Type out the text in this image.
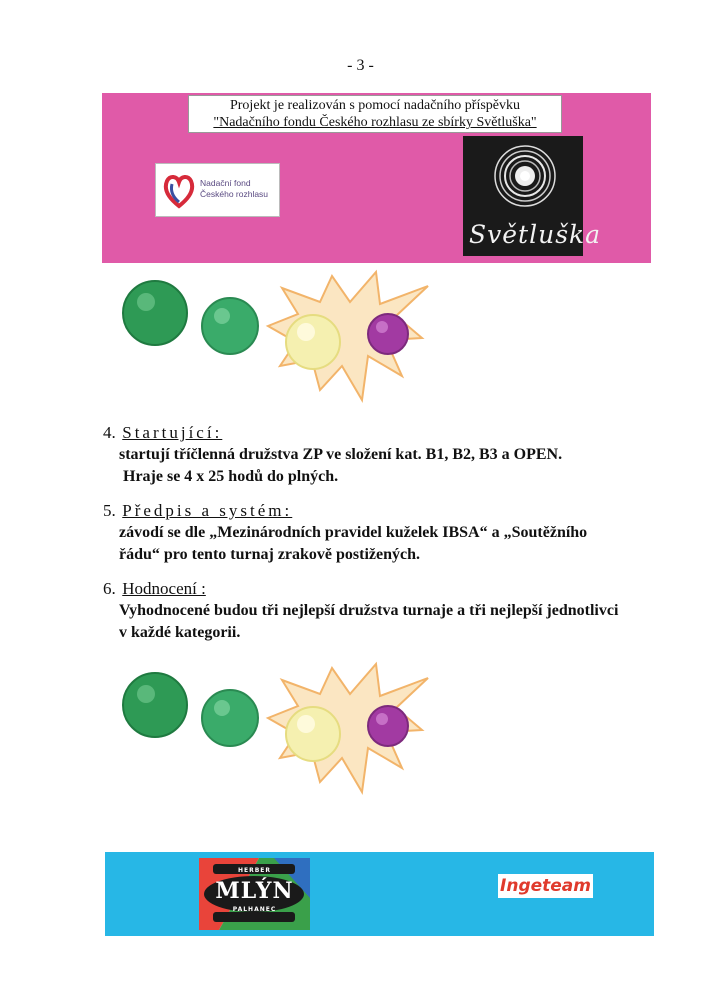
- 3 -
Projekt je realizován s pomocí nadačního příspěvku
"Nadačního fondu Českého rozhlasu ze sbírky Světluška"
Nadační fond
Českého rozhlasu
Světluška
4. Startující:
startují tříčlenná družstva ZP ve složení kat. B1, B2, B3 a OPEN.
Hraje se 4 x 25 hodů do plných.
5. Předpis a systém:
závodí se dle „Mezinárodních pravidel kuželek IBSA“ a „Soutěžního
řádu“ pro tento turnaj zrakově postižených.
6. Hodnocení :
Vyhodnocené budou tři nejlepší družstva turnaje a tři nejlepší jednotlivci
v každé kategorii.
HERBER
MLÝN
PALHANEC
Ingeteam
